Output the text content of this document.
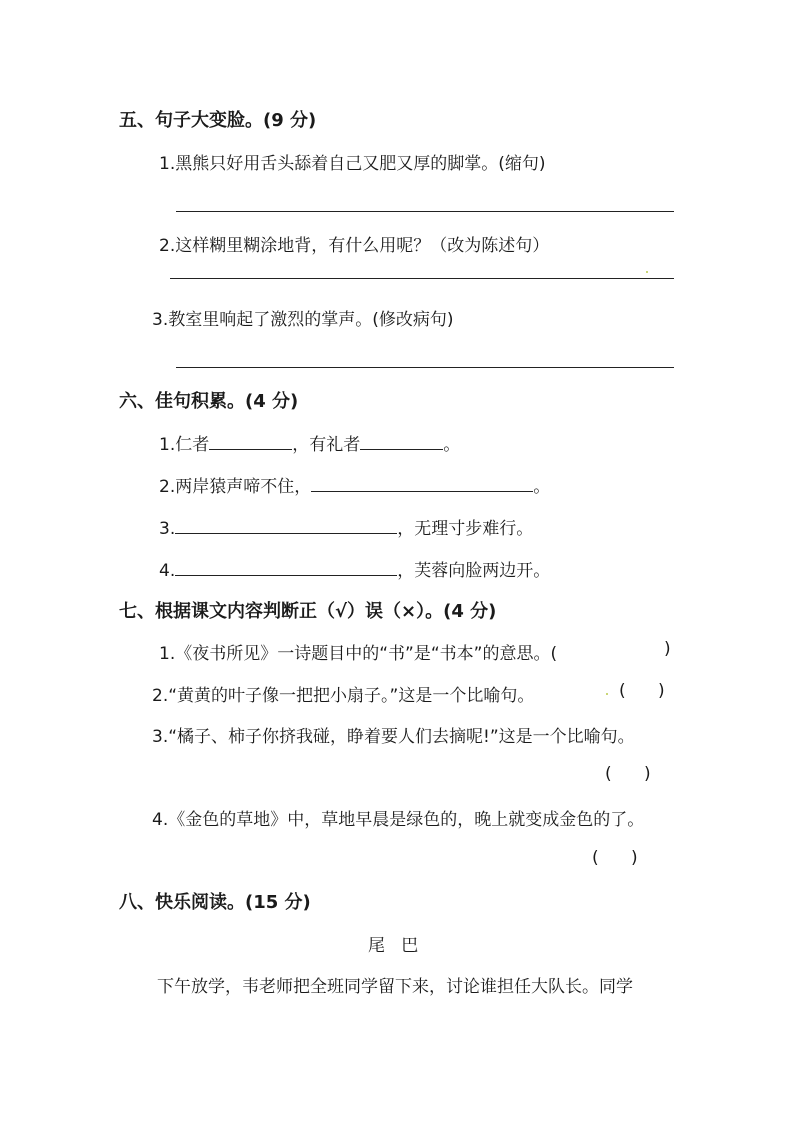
五、句子大变脸。(9 分)
1.黑熊只好用舌头舔着自己又肥又厚的脚掌。(缩句)
2.这样糊里糊涂地背，有什么用呢？（改为陈述句）
3.教室里响起了激烈的掌声。(修改病句)
六、佳句积累。(4 分)
1.仁者	，有礼者	。
2.两岸猿声啼不住，	。
3.	，无理寸步难行。
4.	，芙蓉向脸两边开。
七、根据课文内容判断正（√）误（×）。(4 分)
1.《夜书所见》一诗题目中的“书”是“书本”的意思。(	)
2.“黄黄的叶子像一把把小扇子。”这是一个比喻句。	(      )
3.“橘子、柿子你挤我碰，睁着要人们去摘呢!”这是一个比喻句。
(      )
4.《金色的草地》中，草地早晨是绿色的，晚上就变成金色的了。
(      )
八、快乐阅读。(15 分)
尾   巴
下午放学，韦老师把全班同学留下来，讨论谁担任大队长。同学
